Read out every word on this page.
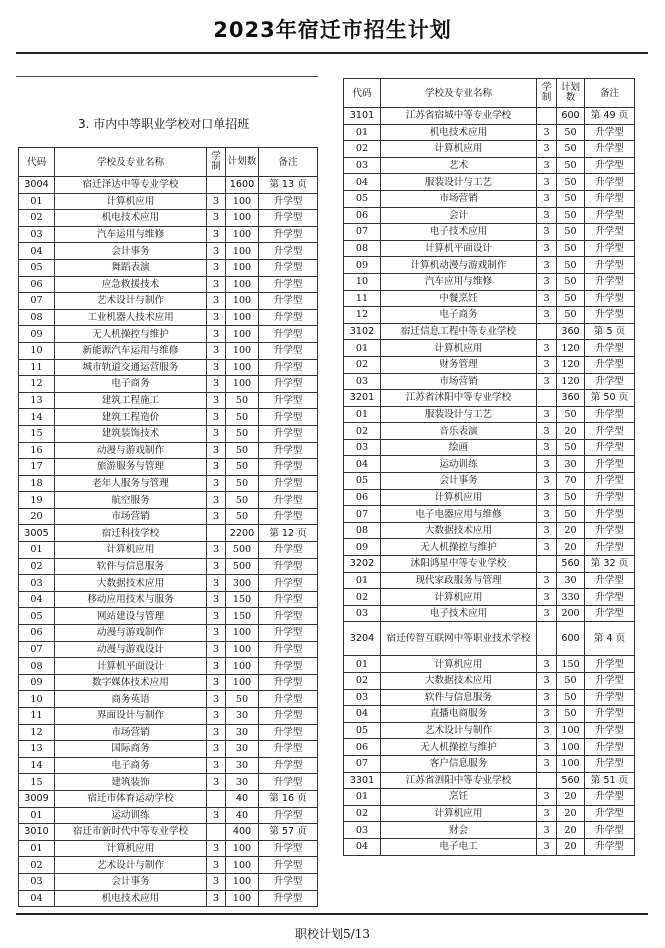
2023年宿迁市招生计划
3. 市内中等职业学校对口单招班
代码	学校及专业名称	学制	计划数	备注
3004	宿迁泽达中等专业学校		1600	第 13 页
01	计算机应用	3	100	升学型
02	机电技术应用	3	100	升学型
03	汽车运用与维修	3	100	升学型
04	会计事务	3	100	升学型
05	舞蹈表演	3	100	升学型
06	应急救援技术	3	100	升学型
07	艺术设计与制作	3	100	升学型
08	工业机器人技术应用	3	100	升学型
09	无人机操控与维护	3	100	升学型
10	新能源汽车运用与维修	3	100	升学型
11	城市轨道交通运营服务	3	100	升学型
12	电子商务	3	100	升学型
13	建筑工程施工	3	50	升学型
14	建筑工程造价	3	50	升学型
15	建筑装饰技术	3	50	升学型
16	动漫与游戏制作	3	50	升学型
17	旅游服务与管理	3	50	升学型
18	老年人服务与管理	3	50	升学型
19	航空服务	3	50	升学型
20	市场营销	3	50	升学型
3005	宿迁科技学校		2200	第 12 页
01	计算机应用	3	500	升学型
02	软件与信息服务	3	500	升学型
03	大数据技术应用	3	300	升学型
04	移动应用技术与服务	3	150	升学型
05	网站建设与管理	3	150	升学型
06	动漫与游戏制作	3	100	升学型
07	动漫与游戏设计	3	100	升学型
08	计算机平面设计	3	100	升学型
09	数字媒体技术应用	3	100	升学型
10	商务英语	3	50	升学型
11	界面设计与制作	3	30	升学型
12	市场营销	3	30	升学型
13	国际商务	3	30	升学型
14	电子商务	3	30	升学型
15	建筑装饰	3	30	升学型
3009	宿迁市体育运动学校		40	第 16 页
01	运动训练	3	40	升学型
3010	宿迁市新时代中等专业学校		400	第 57 页
01	计算机应用	3	100	升学型
02	艺术设计与制作	3	100	升学型
03	会计事务	3	100	升学型
04	机电技术应用	3	100	升学型
代码	学校及专业名称	学制	计划数	备注
3101	江苏省宿城中等专业学校		600	第 49 页
01	机电技术应用	3	50	升学型
02	计算机应用	3	50	升学型
03	艺术	3	50	升学型
04	服装设计与工艺	3	50	升学型
05	市场营销	3	50	升学型
06	会计	3	50	升学型
07	电子技术应用	3	50	升学型
08	计算机平面设计	3	50	升学型
09	计算机动漫与游戏制作	3	50	升学型
10	汽车应用与维修	3	50	升学型
11	中餐烹饪	3	50	升学型
12	电子商务	3	50	升学型
3102	宿迁信息工程中等专业学校		360	第 5 页
01	计算机应用	3	120	升学型
02	财务管理	3	120	升学型
03	市场营销	3	120	升学型
3201	江苏省沭阳中等专业学校		360	第 50 页
01	服装设计与工艺	3	50	升学型
02	音乐表演	3	20	升学型
03	绘画	3	50	升学型
04	运动训练	3	30	升学型
05	会计事务	3	70	升学型
06	计算机应用	3	50	升学型
07	电子电器应用与维修	3	50	升学型
08	大数据技术应用	3	20	升学型
09	无人机操控与维护	3	20	升学型
3202	沭阳鸿星中等专业学校		560	第 32 页
01	现代家政服务与管理	3	30	升学型
02	计算机应用	3	330	升学型
03	电子技术应用	3	200	升学型
3204	宿迁传智互联网中等职业技术学校		600	第 4 页
01	计算机应用	3	150	升学型
02	大数据技术应用	3	50	升学型
03	软件与信息服务	3	50	升学型
04	直播电商服务	3	50	升学型
05	艺术设计与制作	3	100	升学型
06	无人机操控与维护	3	100	升学型
07	客户信息服务	3	100	升学型
3301	江苏省泗阳中等专业学校		560	第 51 页
01	烹饪	3	20	升学型
02	计算机应用	3	20	升学型
03	财会	3	20	升学型
04	电子电工	3	20	升学型
职校计划5/13
